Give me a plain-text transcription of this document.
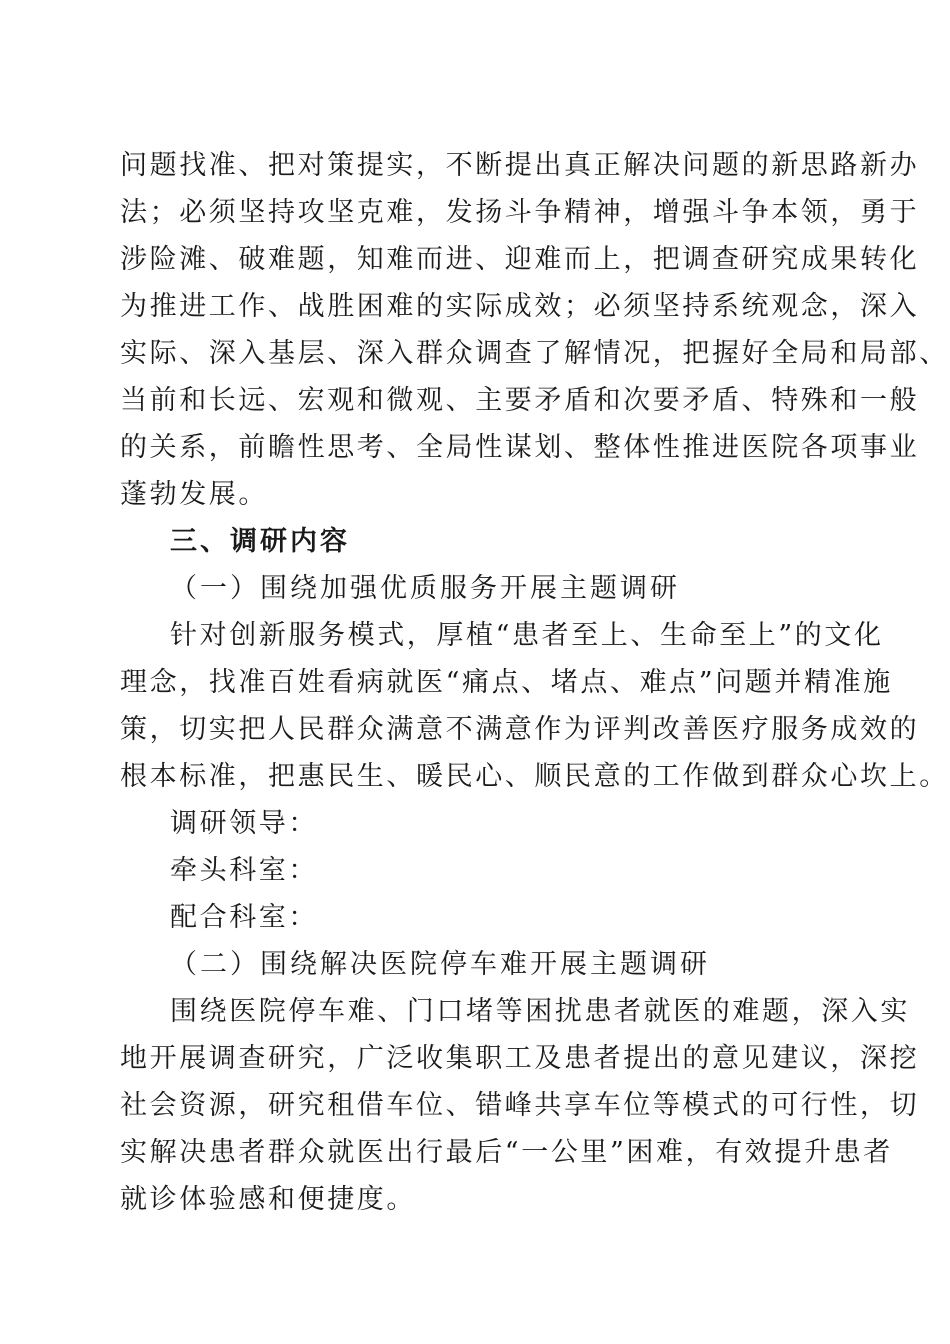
问题找准、把对策提实，不断提出真正解决问题的新思路新办
法；必须坚持攻坚克难，发扬斗争精神，增强斗争本领，勇于
涉险滩、破难题，知难而进、迎难而上，把调查研究成果转化
为推进工作、战胜困难的实际成效；必须坚持系统观念，深入
实际、深入基层、深入群众调查了解情况，把握好全局和局部、
当前和长远、宏观和微观、主要矛盾和次要矛盾、特殊和一般
的关系，前瞻性思考、全局性谋划、整体性推进医院各项事业
蓬勃发展。
三、调研内容
（一）围绕加强优质服务开展主题调研
针对创新服务模式，厚植“患者至上、生命至上”的文化
理念，找准百姓看病就医“痛点、堵点、难点”问题并精准施
策，切实把人民群众满意不满意作为评判改善医疗服务成效的
根本标准，把惠民生、暖民心、顺民意的工作做到群众心坎上。
调研领导：
牵头科室：
配合科室：
（二）围绕解决医院停车难开展主题调研
围绕医院停车难、门口堵等困扰患者就医的难题，深入实
地开展调查研究，广泛收集职工及患者提出的意见建议，深挖
社会资源，研究租借车位、错峰共享车位等模式的可行性，切
实解决患者群众就医出行最后“一公里”困难，有效提升患者
就诊体验感和便捷度。
